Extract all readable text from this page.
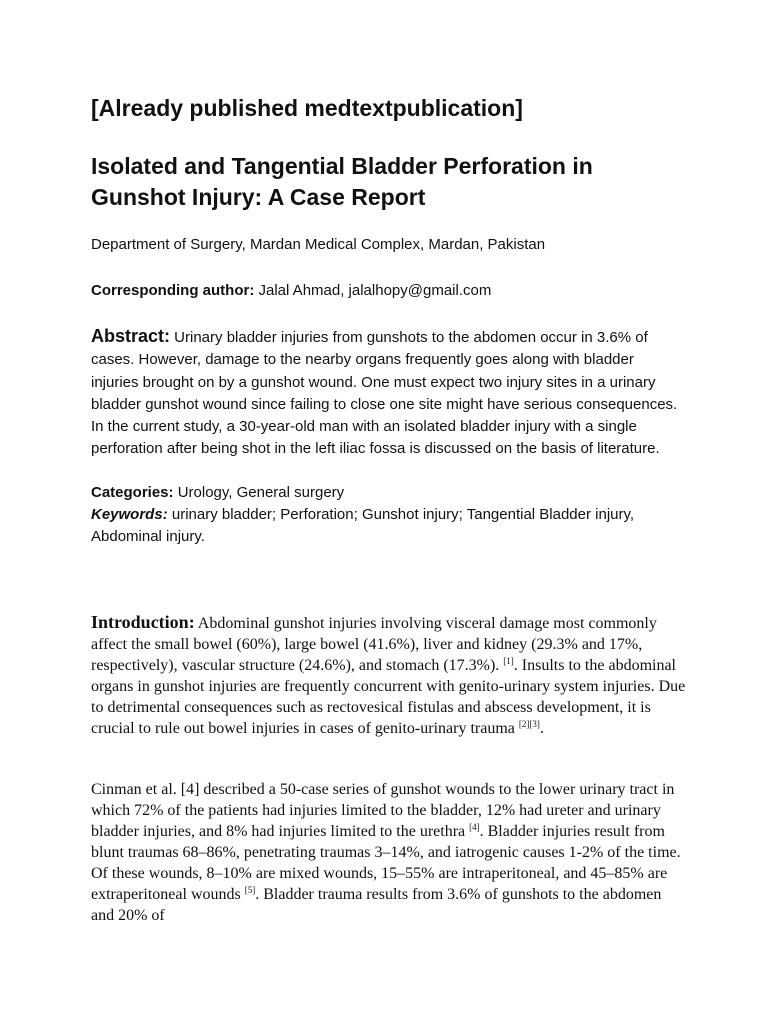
[Already published medtextpublication]
Isolated and Tangential Bladder Perforation in Gunshot Injury: A Case Report
Department of Surgery, Mardan Medical Complex, Mardan, Pakistan
Corresponding author: Jalal Ahmad, jalalhopy@gmail.com
Abstract: Urinary bladder injuries from gunshots to the abdomen occur in 3.6% of cases. However, damage to the nearby organs frequently goes along with bladder injuries brought on by a gunshot wound. One must expect two injury sites in a urinary bladder gunshot wound since failing to close one site might have serious consequences. In the current study, a 30-year-old man with an isolated bladder injury with a single perforation after being shot in the left iliac fossa is discussed on the basis of literature.
Categories: Urology, General surgery
Keywords: urinary bladder; Perforation; Gunshot injury; Tangential Bladder injury, Abdominal injury.
Introduction: Abdominal gunshot injuries involving visceral damage most commonly affect the small bowel (60%), large bowel (41.6%), liver and kidney (29.3% and 17%, respectively), vascular structure (24.6%), and stomach (17.3%). [1]. Insults to the abdominal organs in gunshot injuries are frequently concurrent with genito-urinary system injuries. Due to detrimental consequences such as rectovesical fistulas and abscess development, it is crucial to rule out bowel injuries in cases of genito-urinary trauma [2][3].
Cinman et al. [4] described a 50-case series of gunshot wounds to the lower urinary tract in which 72% of the patients had injuries limited to the bladder, 12% had ureter and urinary bladder injuries, and 8% had injuries limited to the urethra [4]. Bladder injuries result from blunt traumas 68–86%, penetrating traumas 3–14%, and iatrogenic causes 1-2% of the time. Of these wounds, 8–10% are mixed wounds, 15–55% are intraperitoneal, and 45–85% are extraperitoneal wounds [5]. Bladder trauma results from 3.6% of gunshots to the abdomen and 20% of
